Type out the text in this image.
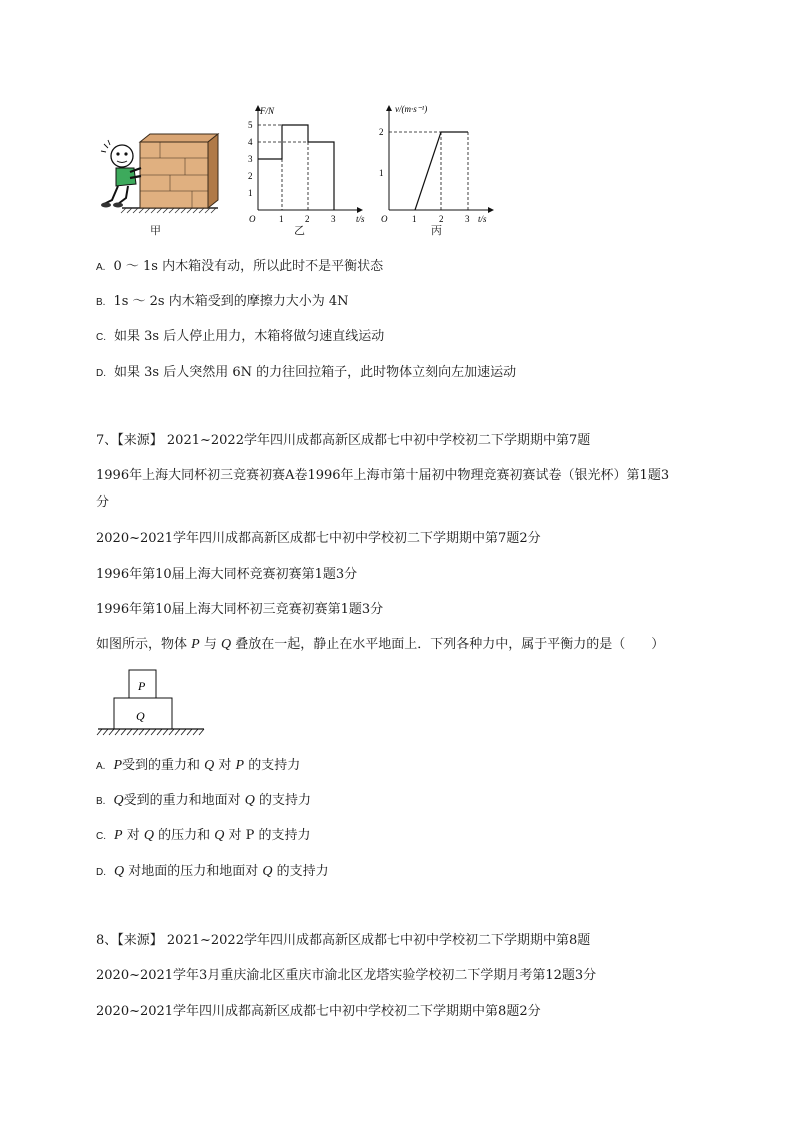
甲
F/N
t/s
O
1
2
3
4
5
1 2 3
乙
v/(m·s⁻¹)
t/s
O
1
2
1	2 3
丙
A. 0 ～ 1s 内木箱没有动，所以此时不是平衡状态
B. 1s ～ 2s 内木箱受到的摩擦力大小为 4N
C. 如果 3s 后人停止用力，木箱将做匀速直线运动
D. 如果 3s 后人突然用 6N 的力往回拉箱子，此时物体立刻向左加速运动
7、【来源】 2021~2022学年四川成都高新区成都七中初中学校初二下学期期中第7题
1996年上海大同杯初三竞赛初赛A卷1996年上海市第十届初中物理竞赛初赛试卷（银光杯）第1题3
分
2020~2021学年四川成都高新区成都七中初中学校初二下学期期中第7题2分
1996年第10届上海大同杯竞赛初赛第1题3分
1996年第10届上海大同杯初三竞赛初赛第1题3分
如图所示，物体 P 与 Q 叠放在一起，静止在水平地面上．下列各种力中，属于平衡力的是（　　）
P
Q
A. P受到的重力和 Q 对 P 的支持力
B. Q受到的重力和地面对 Q 的支持力
C. P 对 Q 的压力和 Q 对 P 的支持力
D. Q 对地面的压力和地面对 Q 的支持力
8、【来源】 2021~2022学年四川成都高新区成都七中初中学校初二下学期期中第8题
2020~2021学年3月重庆渝北区重庆市渝北区龙塔实验学校初二下学期月考第12题3分
2020~2021学年四川成都高新区成都七中初中学校初二下学期期中第8题2分
